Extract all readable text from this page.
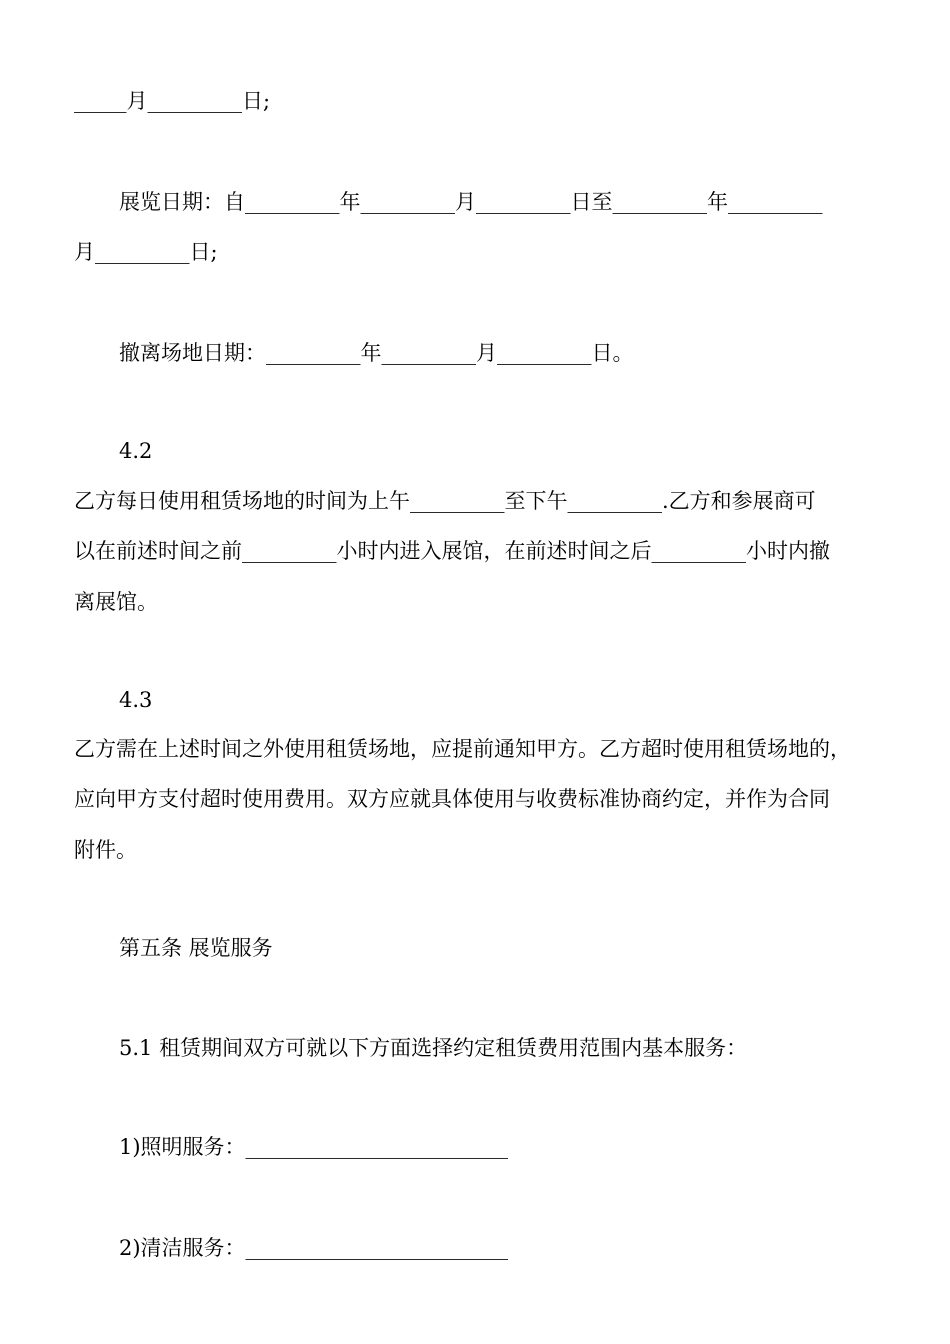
_____月_________日;
展览日期：自_________年_________月_________日至_________年_________
月_________日;
撤离场地日期：_________年_________月_________日。
4.2
乙方每日使用租赁场地的时间为上午_________至下午_________.乙方和参展商可
以在前述时间之前_________小时内进入展馆，在前述时间之后_________小时内撤
离展馆。
4.3
乙方需在上述时间之外使用租赁场地，应提前通知甲方。乙方超时使用租赁场地的，
应向甲方支付超时使用费用。双方应就具体使用与收费标准协商约定，并作为合同
附件。
第五条 展览服务
5.1 租赁期间双方可就以下方面选择约定租赁费用范围内基本服务：
1)照明服务：_________________________
2)清洁服务：_________________________
